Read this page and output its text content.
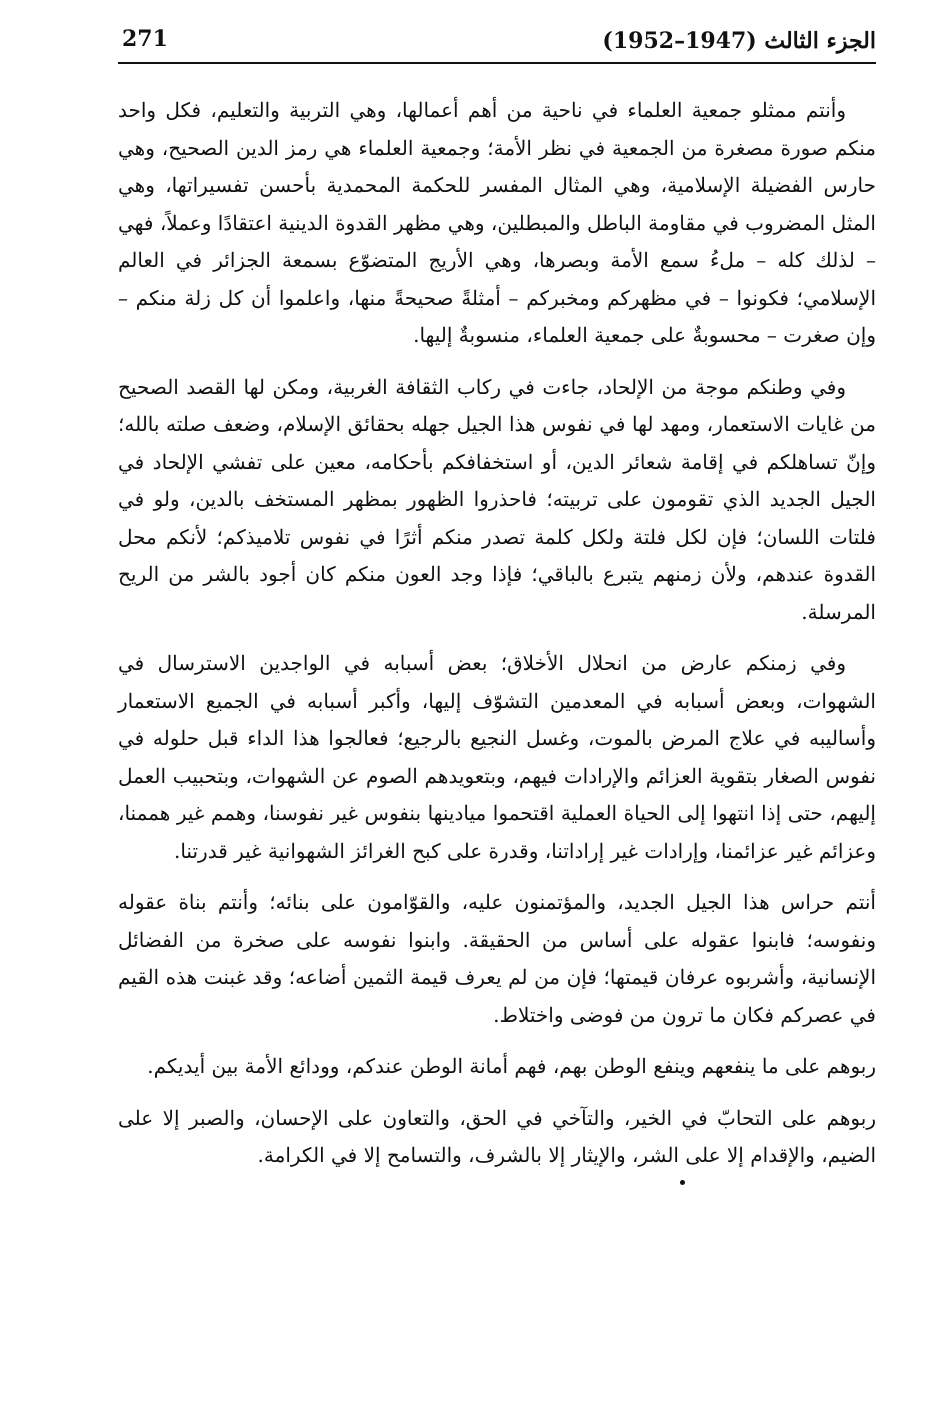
الجزء الثالث (1947–1952)
271

وأنتم ممثلو جمعية العلماء في ناحية من أهم أعمالها، وهي التربية والتعليم، فكل واحد منكم صورة مصغرة من الجمعية في نظر الأمة؛ وجمعية العلماء هي رمز الدين الصحيح، وهي حارس الفضيلة الإسلامية، وهي المثال المفسر للحكمة المحمدية بأحسن تفسيراتها، وهي المثل المضروب في مقاومة الباطل والمبطلين، وهي مظهر القدوة الدينية اعتقادًا وعملاً، فهي – لذلك كله – ملءُ سمع الأمة وبصرها، وهي الأريج المتضوّع بسمعة الجزائر في العالم الإسلامي؛ فكونوا – في مظهركم ومخبركم – أمثلةً صحيحةً منها، واعلموا أن كل زلة منكم – وإن صغرت – محسوبةٌ على جمعية العلماء، منسوبةٌ إليها.

وفي وطنكم موجة من الإلحاد، جاءت في ركاب الثقافة الغربية، ومكن لها القصد الصحيح من غايات الاستعمار، ومهد لها في نفوس هذا الجيل جهله بحقائق الإسلام، وضعف صلته بالله؛ وإنّ تساهلكم في إقامة شعائر الدين، أو استخفافكم بأحكامه، معين على تفشي الإلحاد في الجيل الجديد الذي تقومون على تربيته؛ فاحذروا الظهور بمظهر المستخف بالدين، ولو في فلتات اللسان؛ فإن لكل فلتة ولكل كلمة تصدر منكم أثرًا في نفوس تلاميذكم؛ لأنكم محل القدوة عندهم، ولأن زمنهم يتبرع بالباقي؛ فإذا وجد العون منكم كان أجود بالشر من الريح المرسلة.

وفي زمنكم عارض من انحلال الأخلاق؛ بعض أسبابه في الواجدين الاسترسال في الشهوات، وبعض أسبابه في المعدمين التشوّف إليها، وأكبر أسبابه في الجميع الاستعمار وأساليبه في علاج المرض بالموت، وغسل النجيع بالرجيع؛ فعالجوا هذا الداء قبل حلوله في نفوس الصغار بتقوية العزائم والإرادات فيهم، وبتعويدهم الصوم عن الشهوات، وبتحبيب العمل إليهم، حتى إذا انتهوا إلى الحياة العملية اقتحموا ميادينها بنفوس غير نفوسنا، وهمم غير هممنا، وعزائم غير عزائمنا، وإرادات غير إراداتنا، وقدرة على كبح الغرائز الشهوانية غير قدرتنا.

أنتم حراس هذا الجيل الجديد، والمؤتمنون عليه، والقوّامون على بنائه؛ وأنتم بناة عقوله ونفوسه؛ فابنوا عقوله على أساس من الحقيقة. وابنوا نفوسه على صخرة من الفضائل الإنسانية، وأشربوه عرفان قيمتها؛ فإن من لم يعرف قيمة الثمين أضاعه؛ وقد غبنت هذه القيم في عصركم فكان ما ترون من فوضى واختلاط.

ربوهم على ما ينفعهم وينفع الوطن بهم، فهم أمانة الوطن عندكم، وودائع الأمة بين أيديكم.

ربوهم على التحابّ في الخير، والتآخي في الحق، والتعاون على الإحسان، والصبر إلا على الضيم، والإقدام إلا على الشر، والإيثار إلا بالشرف، والتسامح إلا في الكرامة.
